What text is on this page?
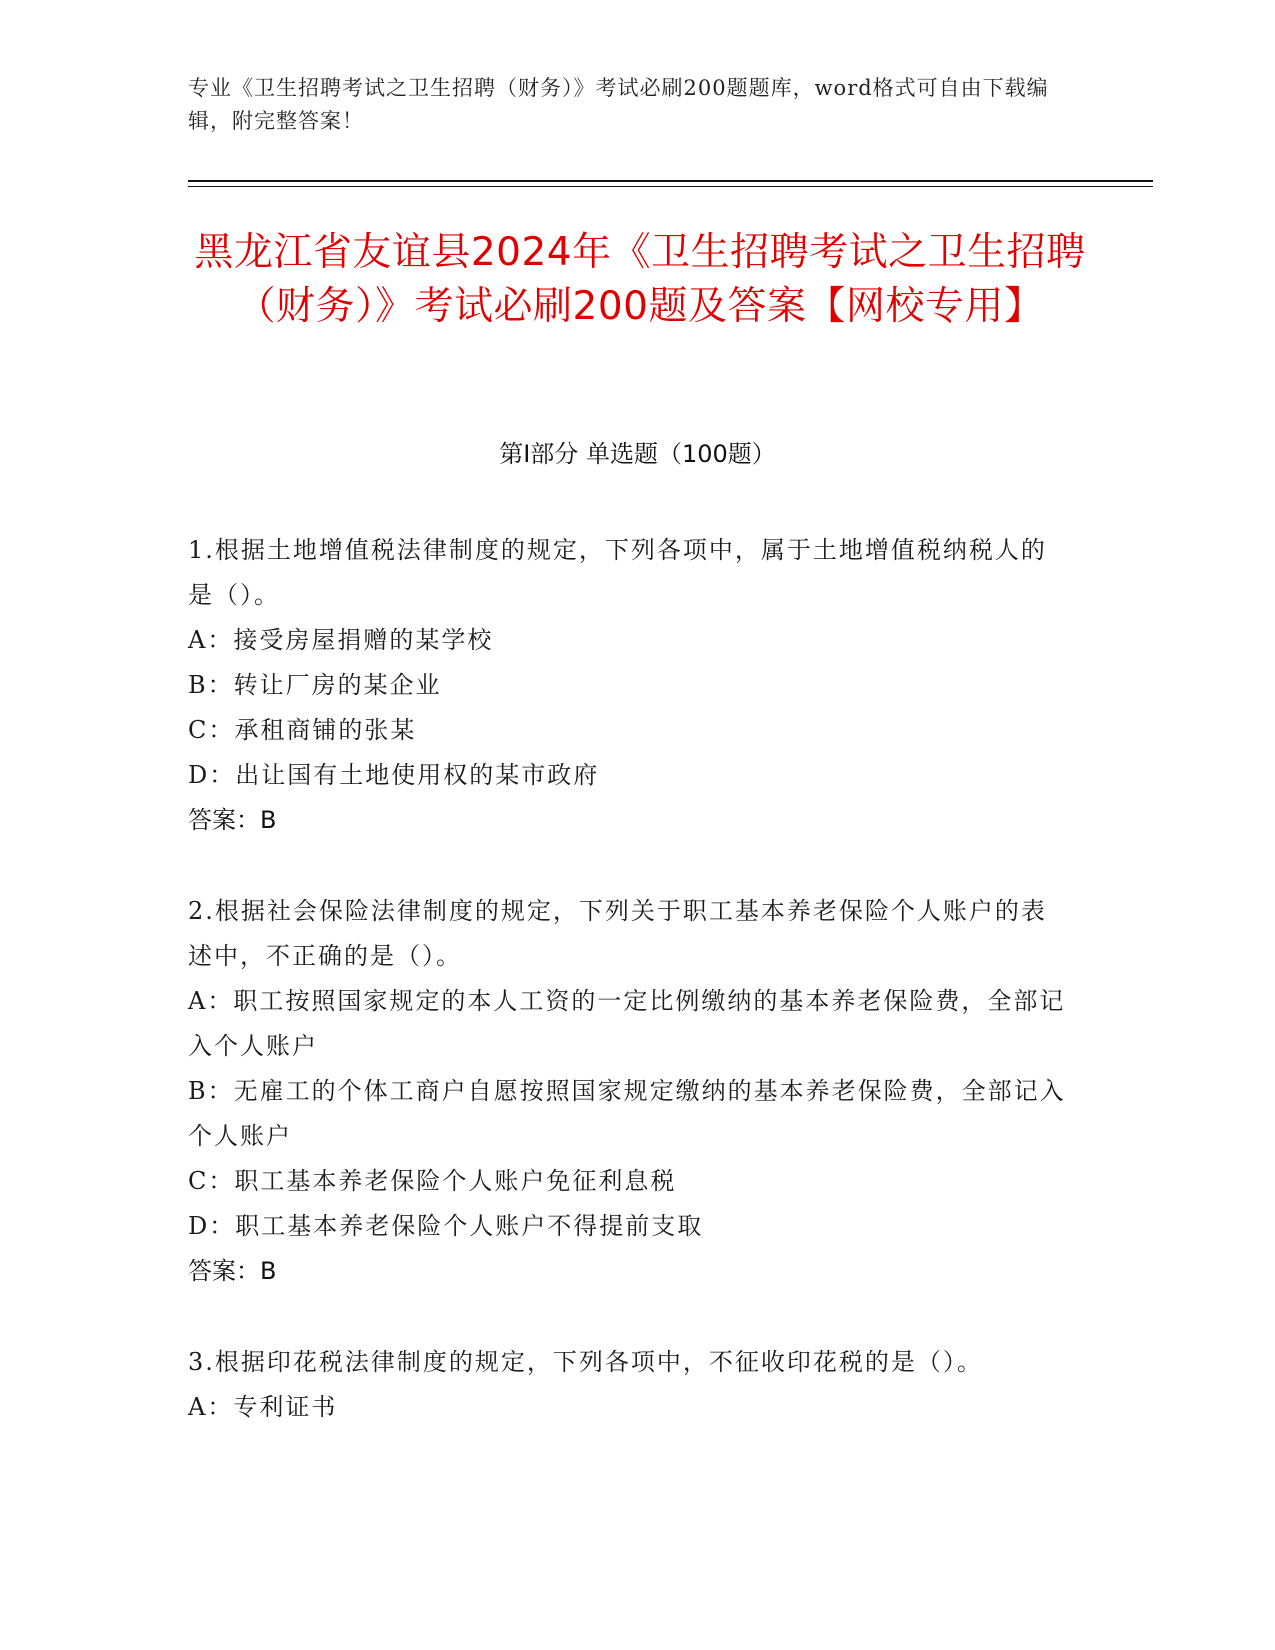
专业《卫生招聘考试之卫生招聘（财务）》考试必刷200题题库，word格式可自由下载编辑，附完整答案！
黑龙江省友谊县2024年《卫生招聘考试之卫生招聘（财务）》考试必刷200题及答案【网校专用】
第I部分 单选题（100题）
1.根据土地增值税法律制度的规定，下列各项中，属于土地增值税纳税人的是（）。
A：接受房屋捐赠的某学校
B：转让厂房的某企业
C：承租商铺的张某
D：出让国有土地使用权的某市政府
答案：B
2.根据社会保险法律制度的规定，下列关于职工基本养老保险个人账户的表述中，不正确的是（）。
A：职工按照国家规定的本人工资的一定比例缴纳的基本养老保险费，全部记入个人账户
B：无雇工的个体工商户自愿按照国家规定缴纳的基本养老保险费，全部记入个人账户
C：职工基本养老保险个人账户免征利息税
D：职工基本养老保险个人账户不得提前支取
答案：B
3.根据印花税法律制度的规定，下列各项中，不征收印花税的是（）。
A：专利证书
